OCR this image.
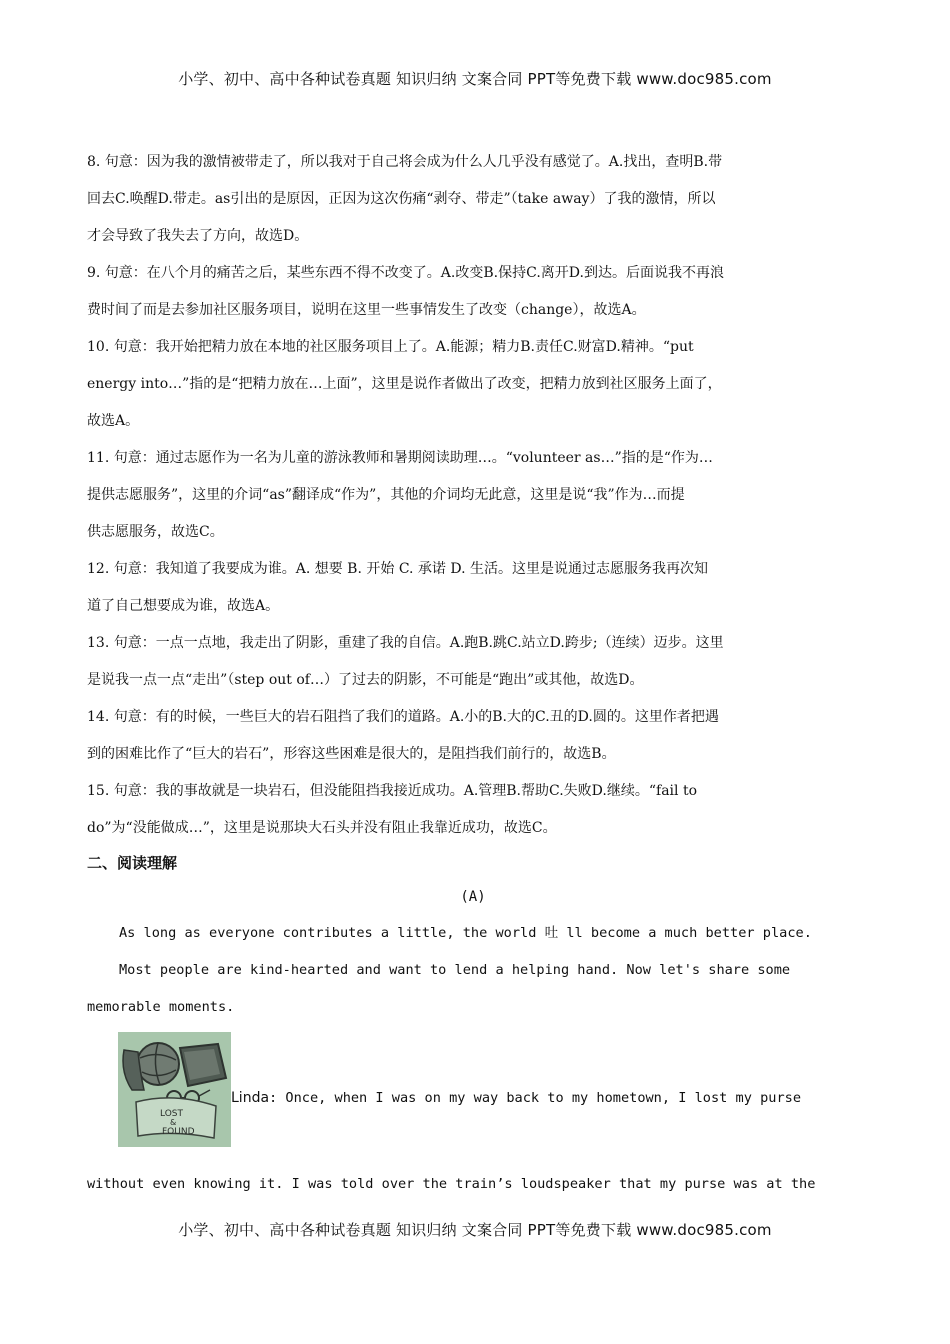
小学、初中、高中各种试卷真题 知识归纳 文案合同 PPT等免费下载 www.doc985.com
8. 句意：因为我的激情被带走了，所以我对于自己将会成为什么人几乎没有感觉了。A.找出，查明B.带
回去C.唤醒D.带走。as引出的是原因，正因为这次伤痛“剥夺、带走”（take away）了我的激情，所以
才会导致了我失去了方向，故选D。
9. 句意：在八个月的痛苦之后，某些东西不得不改变了。A.改变B.保持C.离开D.到达。后面说我不再浪
费时间了而是去参加社区服务项目，说明在这里一些事情发生了改变（change），故选A。
10. 句意：我开始把精力放在本地的社区服务项目上了。A.能源；精力B.责任C.财富D.精神。“put
energy into…”指的是“把精力放在…上面”，这里是说作者做出了改变，把精力放到社区服务上面了，
故选A。
11. 句意：通过志愿作为一名为儿童的游泳教师和暑期阅读助理…。“volunteer as…”指的是“作为…
提供志愿服务”，这里的介词“as”翻译成“作为”，其他的介词均无此意，这里是说“我”作为…而提
供志愿服务，故选C。
12. 句意：我知道了我要成为谁。A. 想要 B. 开始 C. 承诺 D. 生活。这里是说通过志愿服务我再次知
道了自己想要成为谁，故选A。
13. 句意：一点一点地，我走出了阴影，重建了我的自信。A.跑B.跳C.站立D.跨步;（连续）迈步。这里
是说我一点一点“走出”（step out of…）了过去的阴影，不可能是“跑出”或其他，故选D。
14. 句意：有的时候，一些巨大的岩石阻挡了我们的道路。A.小的B.大的C.丑的D.圆的。这里作者把遇
到的困难比作了“巨大的岩石”，形容这些困难是很大的，是阻挡我们前行的，故选B。
15. 句意：我的事故就是一块岩石，但没能阻挡我接近成功。A.管理B.帮助C.失败D.继续。“fail to
do”为“没能做成…”，这里是说那块大石头并没有阻止我靠近成功，故选C。
二、阅读理解
(A)
As long as everyone contributes a little, the world 吐 ll become a much better place.
Most people are kind-hearted and want to lend a helping hand. Now let's share some
memorable moments.
LOST
&
FOUND
Linda: Once, when I was on my way back to my hometown, I lost my purse
without even knowing it. I was told over the train’s loudspeaker that my purse was at the
小学、初中、高中各种试卷真题 知识归纳 文案合同 PPT等免费下载 www.doc985.com
